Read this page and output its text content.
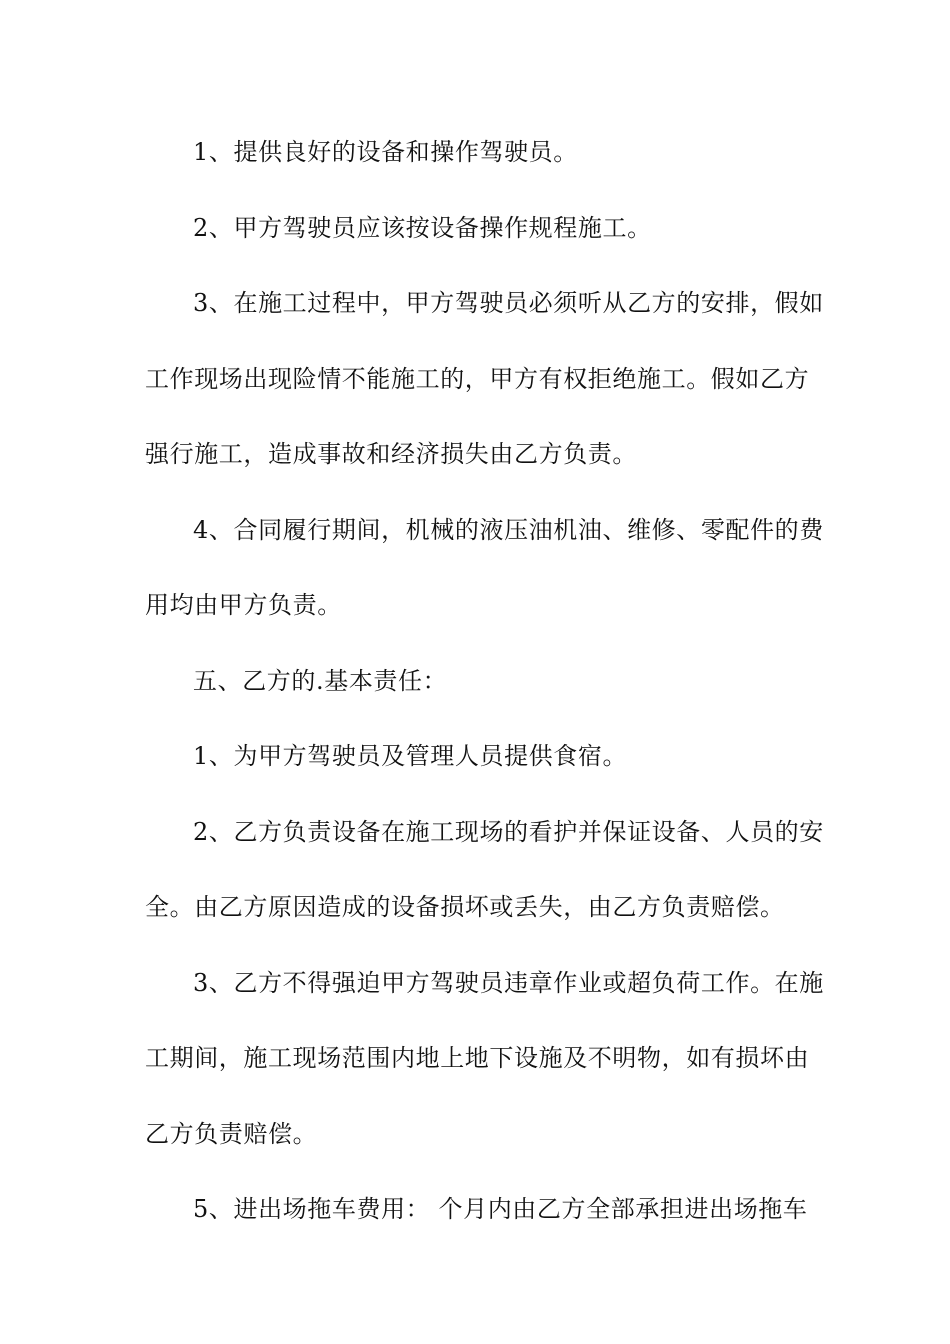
1、提供良好的设备和操作驾驶员。
2、甲方驾驶员应该按设备操作规程施工。
3、在施工过程中，甲方驾驶员必须听从乙方的安排，假如
工作现场出现险情不能施工的，甲方有权拒绝施工。假如乙方
强行施工，造成事故和经济损失由乙方负责。
4、合同履行期间，机械的液压油机油、维修、零配件的费
用均由甲方负责。
五、乙方的.基本责任：
1、为甲方驾驶员及管理人员提供食宿。
2、乙方负责设备在施工现场的看护并保证设备、人员的安
全。由乙方原因造成的设备损坏或丢失，由乙方负责赔偿。
3、乙方不得强迫甲方驾驶员违章作业或超负荷工作。在施
工期间，施工现场范围内地上地下设施及不明物，如有损坏由
乙方负责赔偿。
5、进出场拖车费用： 个月内由乙方全部承担进出场拖车
